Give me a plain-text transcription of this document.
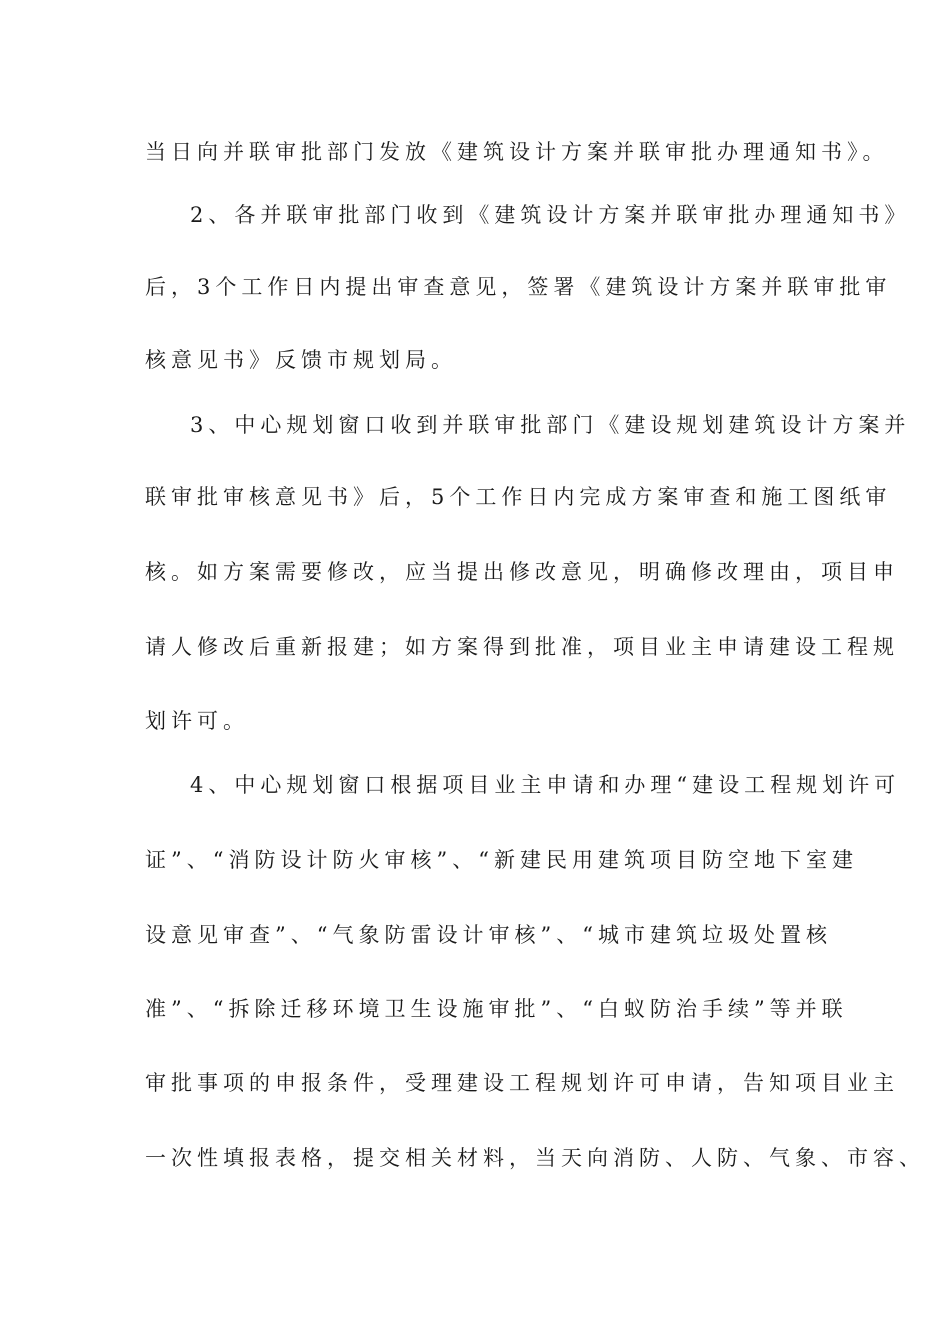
当日向并联审批部门发放《建筑设计方案并联审批办理通知书》。
2、各并联审批部门收到《建筑设计方案并联审批办理通知书》
后，3个工作日内提出审查意见，签署《建筑设计方案并联审批审
核意见书》反馈市规划局。
3、中心规划窗口收到并联审批部门《建设规划建筑设计方案并
联审批审核意见书》后，5个工作日内完成方案审查和施工图纸审
核。如方案需要修改，应当提出修改意见，明确修改理由，项目申
请人修改后重新报建；如方案得到批准，项目业主申请建设工程规
划许可。
4、中心规划窗口根据项目业主申请和办理“建设工程规划许可
证”、“消防设计防火审核”、“新建民用建筑项目防空地下室建
设意见审查”、“气象防雷设计审核”、“城市建筑垃圾处置核
准”、“拆除迁移环境卫生设施审批”、“白蚁防治手续”等并联
审批事项的申报条件，受理建设工程规划许可申请，告知项目业主
一次性填报表格，提交相关材料，当天向消防、人防、气象、市容、
